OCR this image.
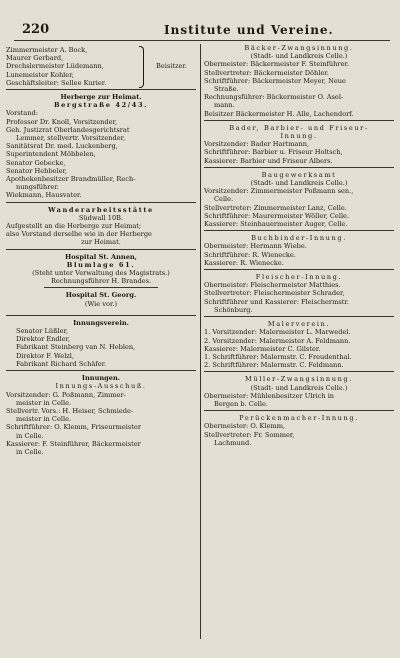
220	Institute und Vereine.
Zimmermeister A. Bock,
Maurer Gerbard,
Drechslermeister Lüdemann,
Lunemeister Kohler,
Geschäftsleiter: Sellee Kurier.
Beisitzer.
Herberge zur Heimat.
Bergstraße 42/43.
Vorstand:
Professor Dr. Knoll, Vorsitzender,
Geh. Justizrat Oberlandesgerichtsrat
Lemmer, stellvertr. Vorsitzender,
Sanitätsrat Dr. med. Luckenberg,
Superintendent Möbbelen,
Senator Gebecke,
Senator Hebbeler,
Apothekenbesitzer Brandmüller, Rech-
nungsführer.
Wiekmann, Hausvater.
Wanderarbeitsstätte
Südwall 10B.
Aufgestellt an die Herberge zur Heimat;
also Vorstand derselbe wie in der Herberge
zur Heimat.
Hospital St. Annen,
Blumlage 61.
(Steht unter Verwaltung des Magistrats.)
Rechnungsführer H. Brandes.
Hospital St. Georg.
(Wie vor.)
Innungsverein.
Senator Lüßler,
Direktor Endler,
Fabrikant Steinberg van N. Heblen,
Direktor F. Welzl,
Fabrikant Richard Schäfer.
Innungen.
Innungs-Ausschuß.
Vorsitzender: G. Poßmann, Zimmer-
meister in Celle.
Stellvertr. Vors.: H. Heiser, Schmiede-
meister in Celle.
Schriftführer: O. Klemm, Friseurmeister
in Celle.
Kassierer: F. Steinführer, Bäckermeister
in Celle.
Bäcker-Zwangsinnung.
(Stadt- und Landkreis Celle.)
Obermeister: Bäckermeister F. Steinführer.
Stellvertreter: Bäckermeister Döhler.
Schriftführer: Bäckermeister Meyer, Neue
Straße.
Rechnungsführer: Bäckermeister O. Asel-
mann.
Beisitzer Bäckermeister H. Alle, Lachendorf.
Bader, Barbier- und Friseur-
Innung.
Vorsitzender: Bader Hartmann,
Schriftführer: Barbier u. Friseur Holtsch,
Kassierer: Barbier und Friseur Albers.
Baugewerksamt
(Stadt- und Landkreis Celle.)
Vorsitzender: Zimmermeister Poßmann sen.,
Celle.
Stellvertreter: Zimmermeister Lanz, Celle.
Schriftführer: Maurermeister Wöller, Celle.
Kassierer: Steinhauermeister Auger, Celle.
Buchbinder-Innung.
Obermeister: Hermann Wiebe.
Schriftführer: R. Wienecke.
Kassierer: R. Wienecke.
Fleischer-Innung.
Obermeister: Fleischermeister Matthies.
Stellvertreter: Fleischermeister Schrader,
Schriftführer und Kassierer: Fleischermstr.
Schönburg.
Malerverein.
1. Vorsitzender: Malermeister L. Marwedel.
2. Vorsitzender: Malermeister A. Feldmann.
Kassierer: Malermeister C. Gilster.
1. Schriftführer: Malermstr. C. Freudenthal.
2. Schriftführer: Malermstr. C. Feldmann.
Müller-Zwangsinnung.
(Stadt- und Landkreis Celle.)
Obermeister: Mühlenbesitzer Ulrich in
Bergen b. Celle.
Perückenmacher-Innung.
Obermeister: O. Klemm,
Stellvertreter: Fr. Sommer,
Lachmund.
